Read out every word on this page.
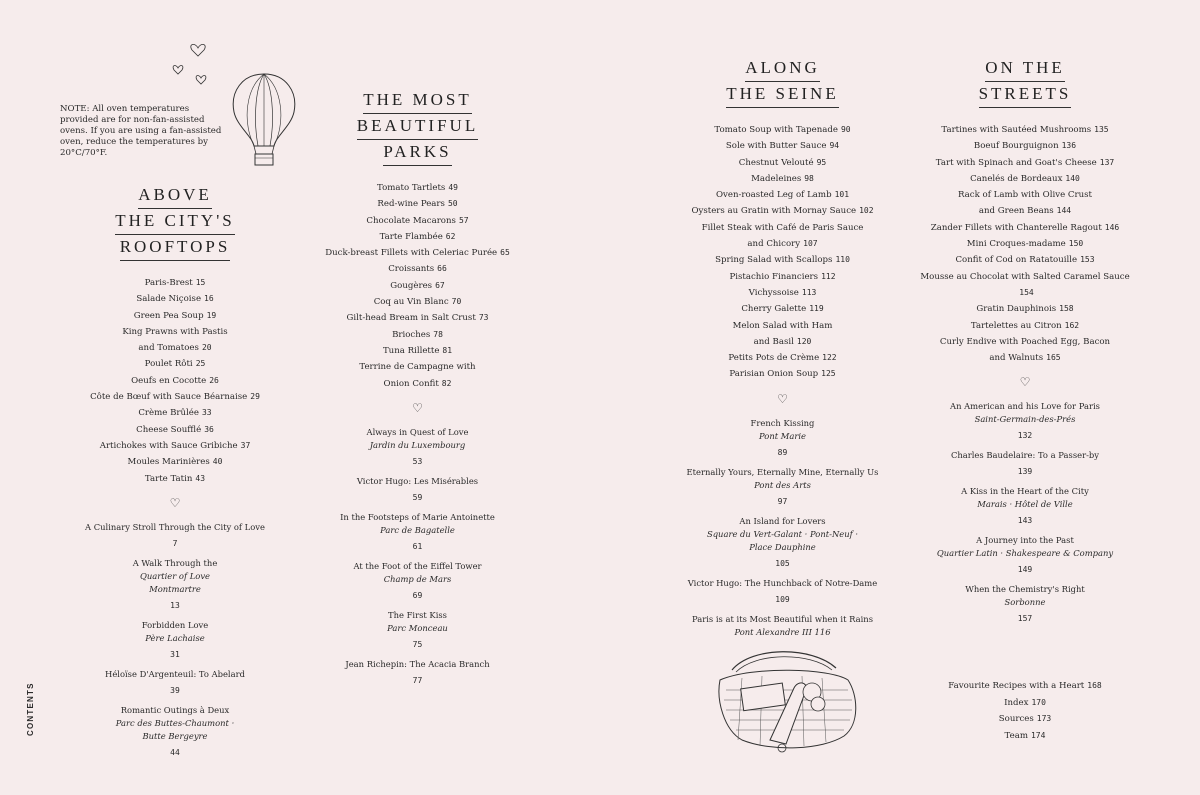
CONTENTS
NOTE: All oven temperatures provided are for non-fan-assisted ovens. If you are using a fan-assisted oven, reduce the temperatures by 20°C/70°F.
ABOVE
THE CITY'S
ROOFTOPS
Paris-Brest 15
Salade Niçoise 16
Green Pea Soup 19
King Prawns with Pastis
and Tomatoes 20
Poulet Rôti 25
Oeufs en Cocotte 26
Côte de Bœuf with Sauce Béarnaise 29
Crème Brûlée 33
Cheese Soufflé 36
Artichokes with Sauce Gribiche 37
Moules Marinières 40
Tarte Tatin 43
♡
A Culinary Stroll Through the City of Love
7
A Walk Through the
Quartier of Love
Montmartre
13
Forbidden Love
Père Lachaise
31
Héloïse D'Argenteuil: To Abelard
39
Romantic Outings à Deux
Parc des Buttes-Chaumont ·
Butte Bergeyre
44
THE MOST
BEAUTIFUL
PARKS
Tomato Tartlets 49
Red-wine Pears 50
Chocolate Macarons 57
Tarte Flambée 62
Duck-breast Fillets with Celeriac Purée 65
Croissants 66
Gougères 67
Coq au Vin Blanc 70
Gilt-head Bream in Salt Crust 73
Brioches 78
Tuna Rillette 81
Terrine de Campagne with
Onion Confit 82
♡
Always in Quest of Love
Jardin du Luxembourg
53
Victor Hugo: Les Misérables
59
In the Footsteps of Marie Antoinette
Parc de Bagatelle
61
At the Foot of the Eiffel Tower
Champ de Mars
69
The First Kiss
Parc Monceau
75
Jean Richepin: The Acacia Branch
77
ALONG
THE SEINE
Tomato Soup with Tapenade 90
Sole with Butter Sauce 94
Chestnut Velouté 95
Madeleines 98
Oven-roasted Leg of Lamb 101
Oysters au Gratin with Mornay Sauce 102
Fillet Steak with Café de Paris Sauce
and Chicory 107
Spring Salad with Scallops 110
Pistachio Financiers 112
Vichyssoise 113
Cherry Galette 119
Melon Salad with Ham
and Basil 120
Petits Pots de Crème 122
Parisian Onion Soup 125
♡
French Kissing
Pont Marie
89
Eternally Yours, Eternally Mine, Eternally Us
Pont des Arts
97
An Island for Lovers
Square du Vert-Galant · Pont-Neuf ·
Place Dauphine
105
Victor Hugo: The Hunchback of Notre-Dame
109
Paris is at its Most Beautiful when it Rains
Pont Alexandre III 116
ON THE
STREETS
Tartines with Sautéed Mushrooms 135
Boeuf Bourguignon 136
Tart with Spinach and Goat's Cheese 137
Canelés de Bordeaux 140
Rack of Lamb with Olive Crust
and Green Beans 144
Zander Fillets with Chanterelle Ragout 146
Mini Croques-madame 150
Confit of Cod on Ratatouille 153
Mousse au Chocolat with Salted Caramel Sauce
154
Gratin Dauphinois 158
Tartelettes au Citron 162
Curly Endive with Poached Egg, Bacon
and Walnuts 165
♡
An American and his Love for Paris
Saint-Germain-des-Prés
132
Charles Baudelaire: To a Passer-by
139
A Kiss in the Heart of the City
Marais · Hôtel de Ville
143
A Journey into the Past
Quartier Latin · Shakespeare & Company
149
When the Chemistry's Right
Sorbonne
157
Favourite Recipes with a Heart 168
Index 170
Sources 173
Team 174
